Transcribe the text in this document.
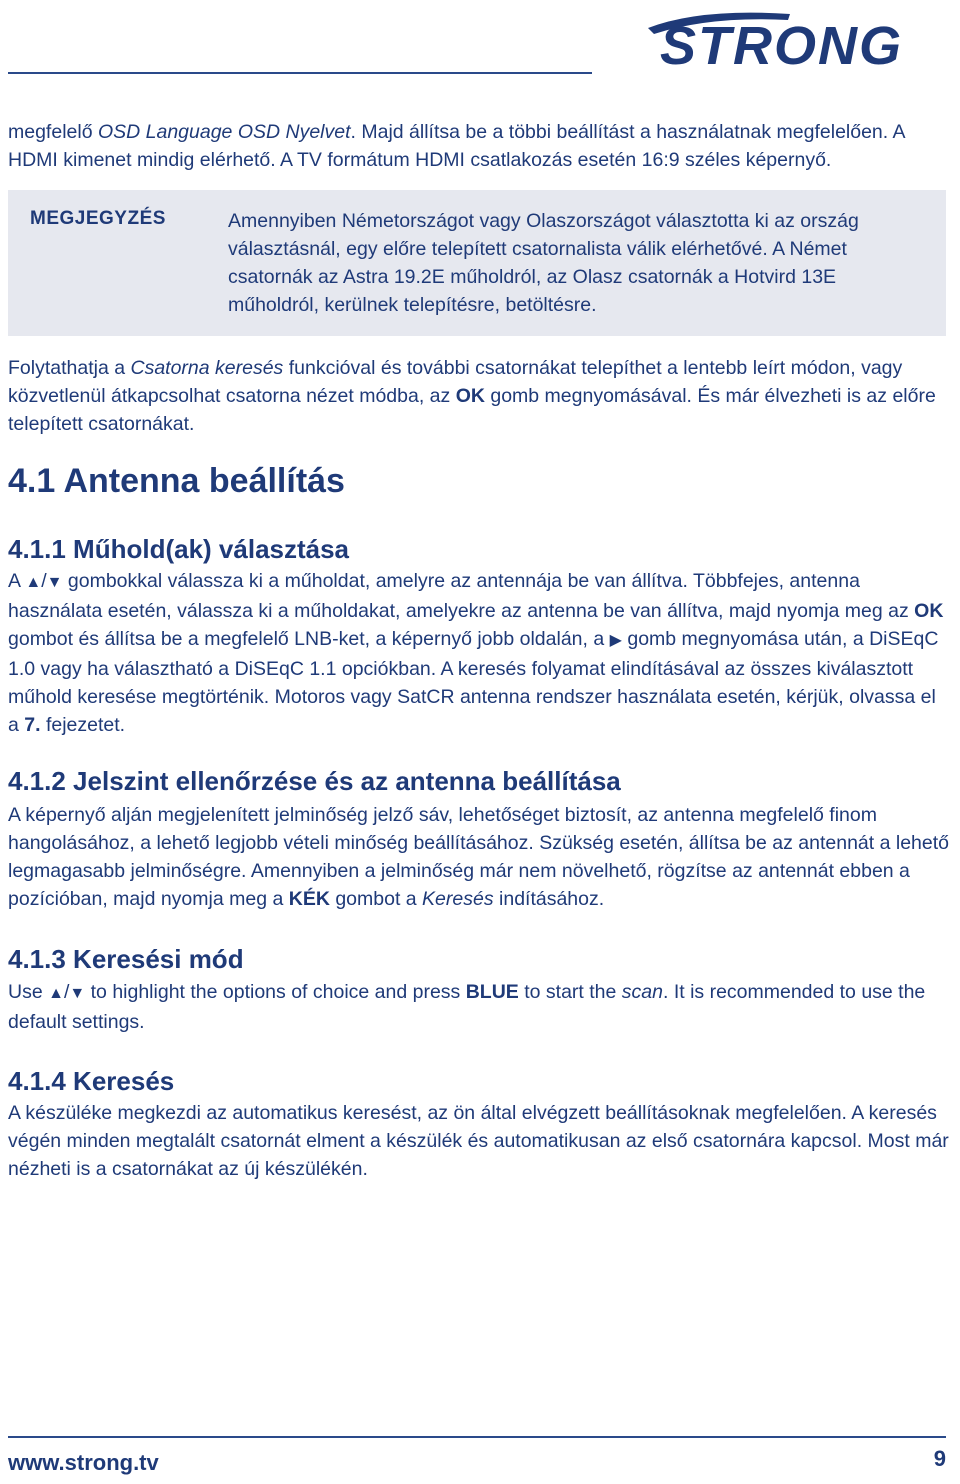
STRONG

megfelelő OSD Language OSD Nyelvet. Majd állítsa be a többi beállítást a használatnak megfelelően. A HDMI kimenet mindig elérhető. A TV formátum HDMI csatlakozás esetén 16:9 széles képernyő.

MEGJEGYZÉS	Amennyiben Németországot vagy Olaszországot választotta ki az ország választásnál, egy előre telepített csatornalista válik elérhetővé. A Német csatornák az Astra 19.2E műholdról, az Olasz csatornák a Hotvird 13E műholdról, kerülnek telepítésre, betöltésre.

Folytathatja a Csatorna keresés funkcióval és további csatornákat telepíthet a lentebb leírt módon, vagy közvetlenül átkapcsolhat csatorna nézet módba, az OK gomb megnyomásával. És már élvezheti is az előre telepített csatornákat.

4.1 Antenna beállítás
4.1.1 Műhold(ak) választása

A ▲/▼ gombokkal válassza ki a műholdat, amelyre az antennája be van állítva. Többfejes, antenna használata esetén, válassza ki a műholdakat, amelyekre az antenna be van állítva, majd nyomja meg az OK gombot és állítsa be a megfelelő LNB-ket, a képernyő jobb oldalán, a ▶ gomb megnyomása után, a DiSEqC 1.0 vagy ha választható a DiSEqC 1.1 opciókban. A keresés folyamat elindításával az összes kiválasztott műhold keresése megtörténik. Motoros vagy SatCR antenna rendszer használata esetén, kérjük, olvassa el a 7. fejezetet.

4.1.2 Jelszint ellenőrzése és az antenna beállítása

A képernyő alján megjelenített jelminőség jelző sáv, lehetőséget biztosít, az antenna megfelelő finom hangolásához, a lehető legjobb vételi minőség beállításához. Szükség esetén, állítsa be az antennát a lehető legmagasabb jelminőségre. Amennyiben a jelminőség már nem növelhető, rögzítse az antennát ebben a pozícióban, majd nyomja meg a KÉK gombot a Keresés indításához.

4.1.3 Keresési mód

Use ▲/▼ to highlight the options of choice and press BLUE to start the scan. It is recommended to use the default settings.

4.1.4 Keresés

A készüléke megkezdi az automatikus keresést, az ön által elvégzett beállításoknak megfelelően. A keresés végén minden megtalált csatornát elment a készülék és automatikusan az első csatornára kapcsol. Most már nézheti is a csatornákat az új készülékén.

www.strong.tv	9
